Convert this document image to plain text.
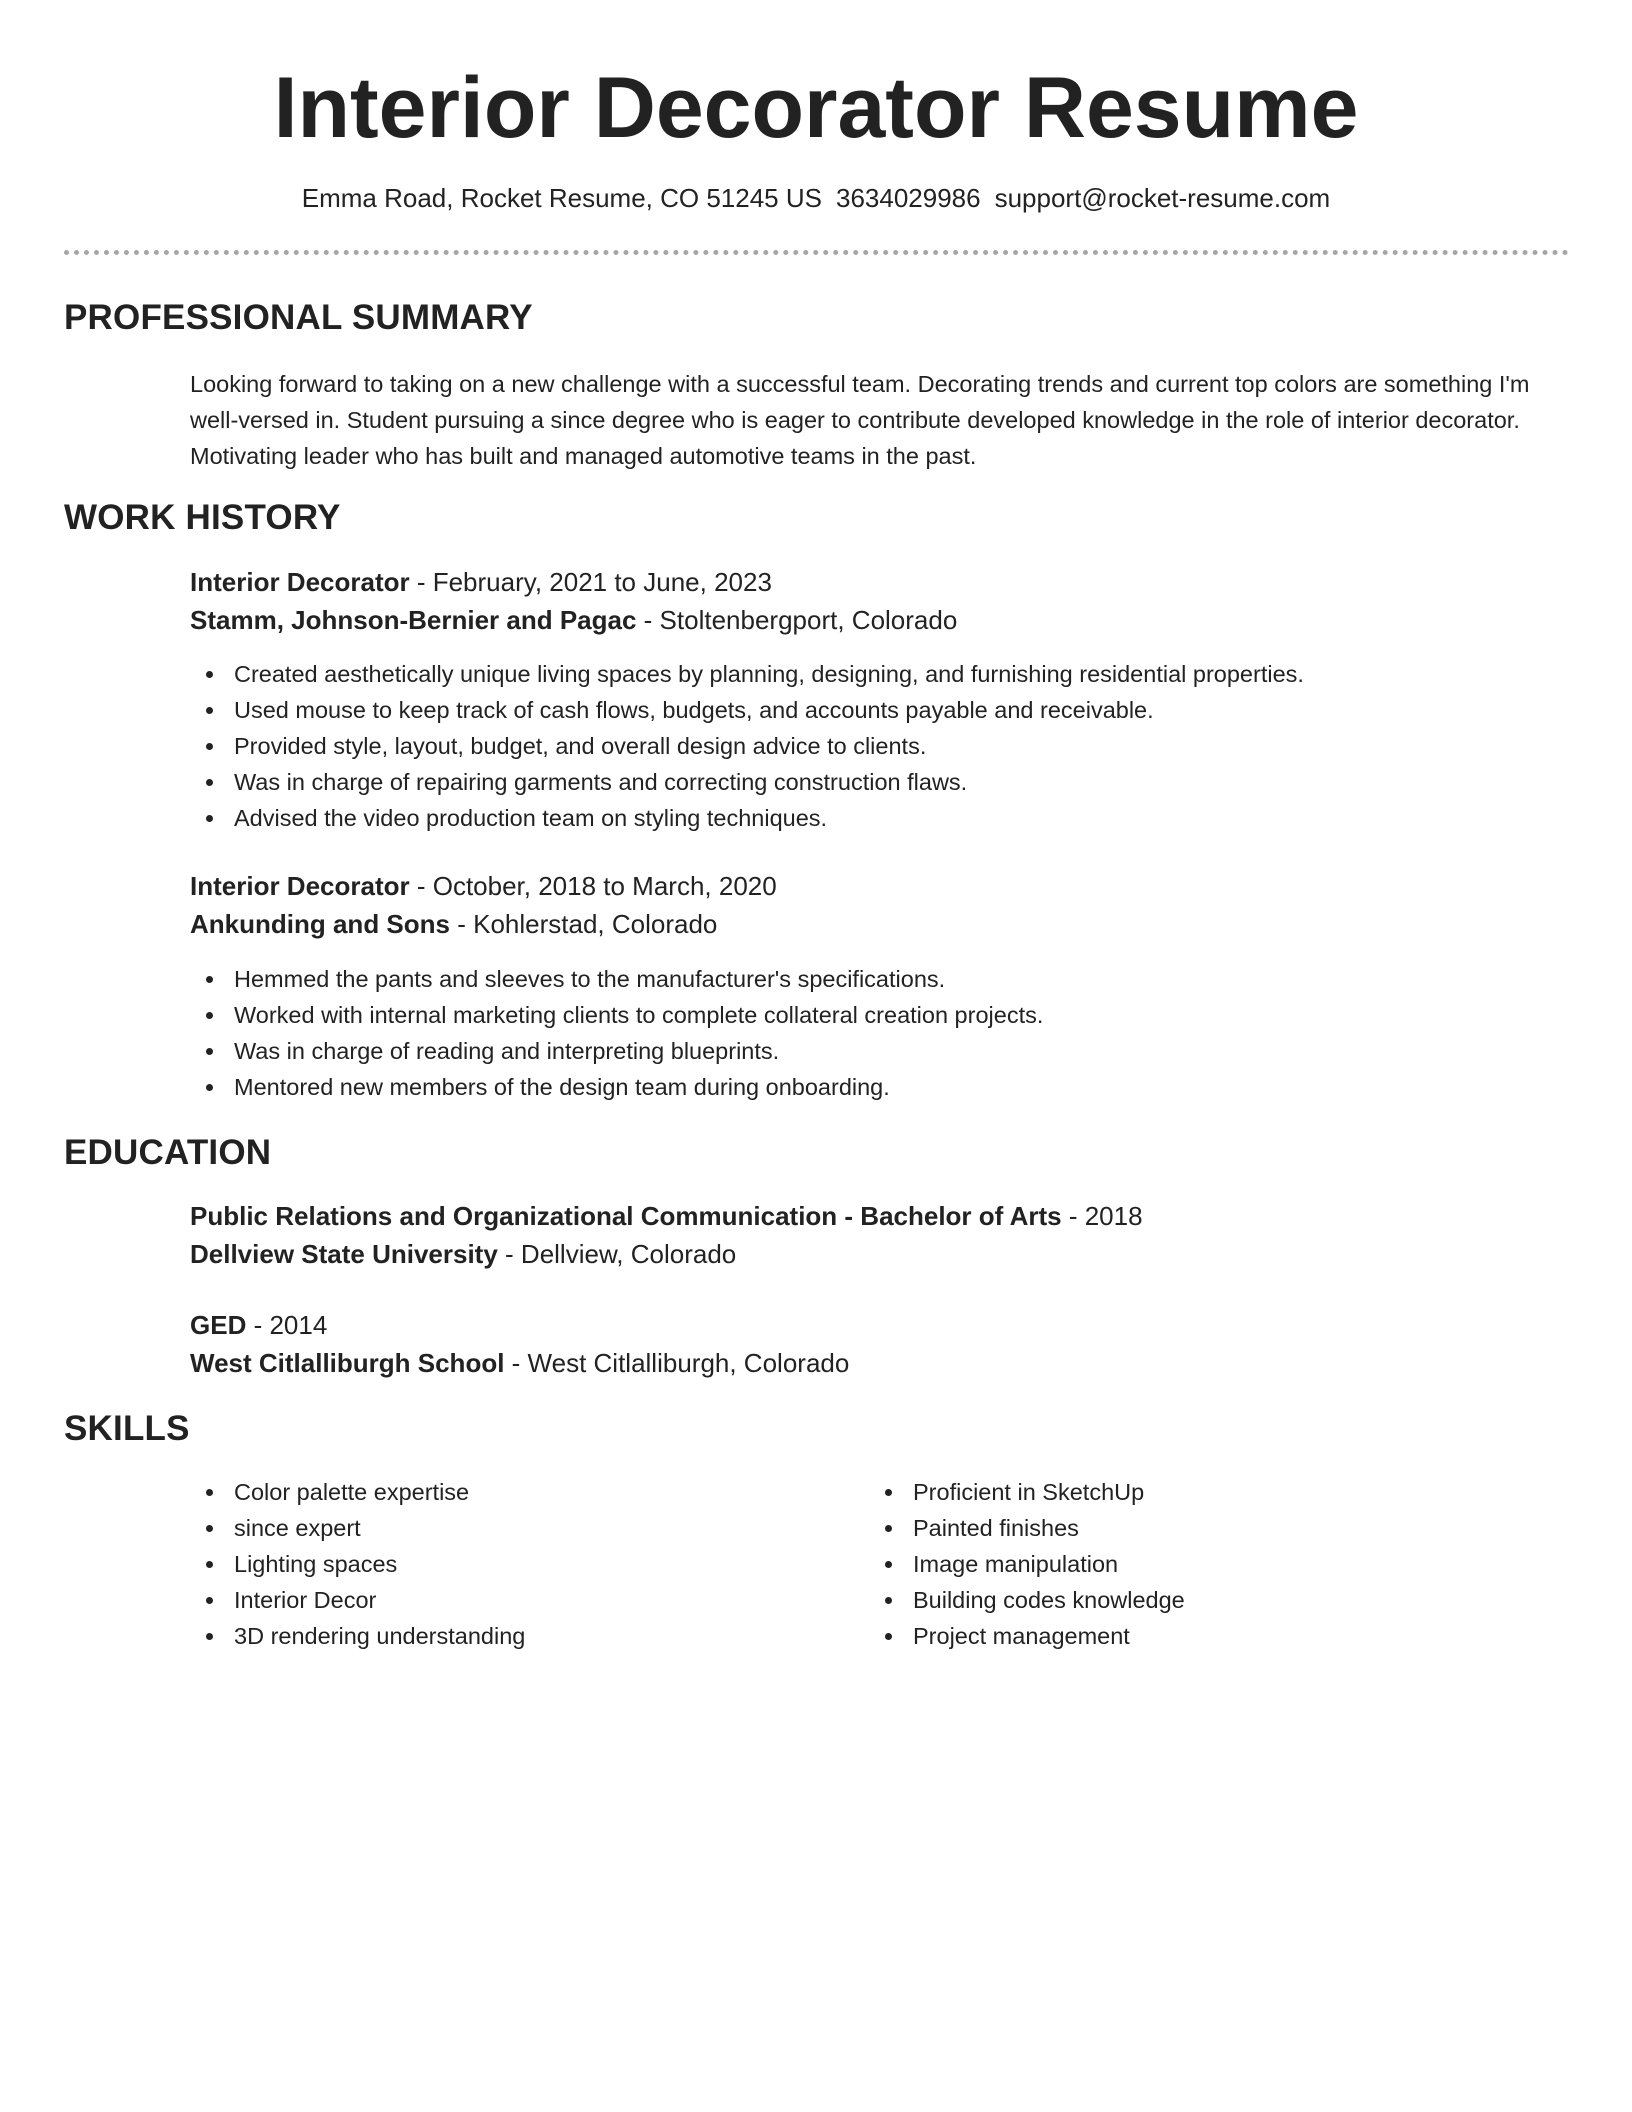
Interior Decorator Resume
Emma Road, Rocket Resume, CO 51245 US 3634029986 support@rocket-resume.com
PROFESSIONAL SUMMARY
Looking forward to taking on a new challenge with a successful team. Decorating trends and current top colors are something I'm well-versed in. Student pursuing a since degree who is eager to contribute developed knowledge in the role of interior decorator. Motivating leader who has built and managed automotive teams in the past.
WORK HISTORY
Interior Decorator - February, 2021 to June, 2023
Stamm, Johnson-Bernier and Pagac - Stoltenbergport, Colorado
Created aesthetically unique living spaces by planning, designing, and furnishing residential properties.
Used mouse to keep track of cash flows, budgets, and accounts payable and receivable.
Provided style, layout, budget, and overall design advice to clients.
Was in charge of repairing garments and correcting construction flaws.
Advised the video production team on styling techniques.
Interior Decorator - October, 2018 to March, 2020
Ankunding and Sons - Kohlerstad, Colorado
Hemmed the pants and sleeves to the manufacturer's specifications.
Worked with internal marketing clients to complete collateral creation projects.
Was in charge of reading and interpreting blueprints.
Mentored new members of the design team during onboarding.
EDUCATION
Public Relations and Organizational Communication - Bachelor of Arts - 2018
Dellview State University - Dellview, Colorado
GED - 2014
West Citlalliburgh School - West Citlalliburgh, Colorado
SKILLS
Color palette expertise
since expert
Lighting spaces
Interior Decor
3D rendering understanding
Proficient in SketchUp
Painted finishes
Image manipulation
Building codes knowledge
Project management
